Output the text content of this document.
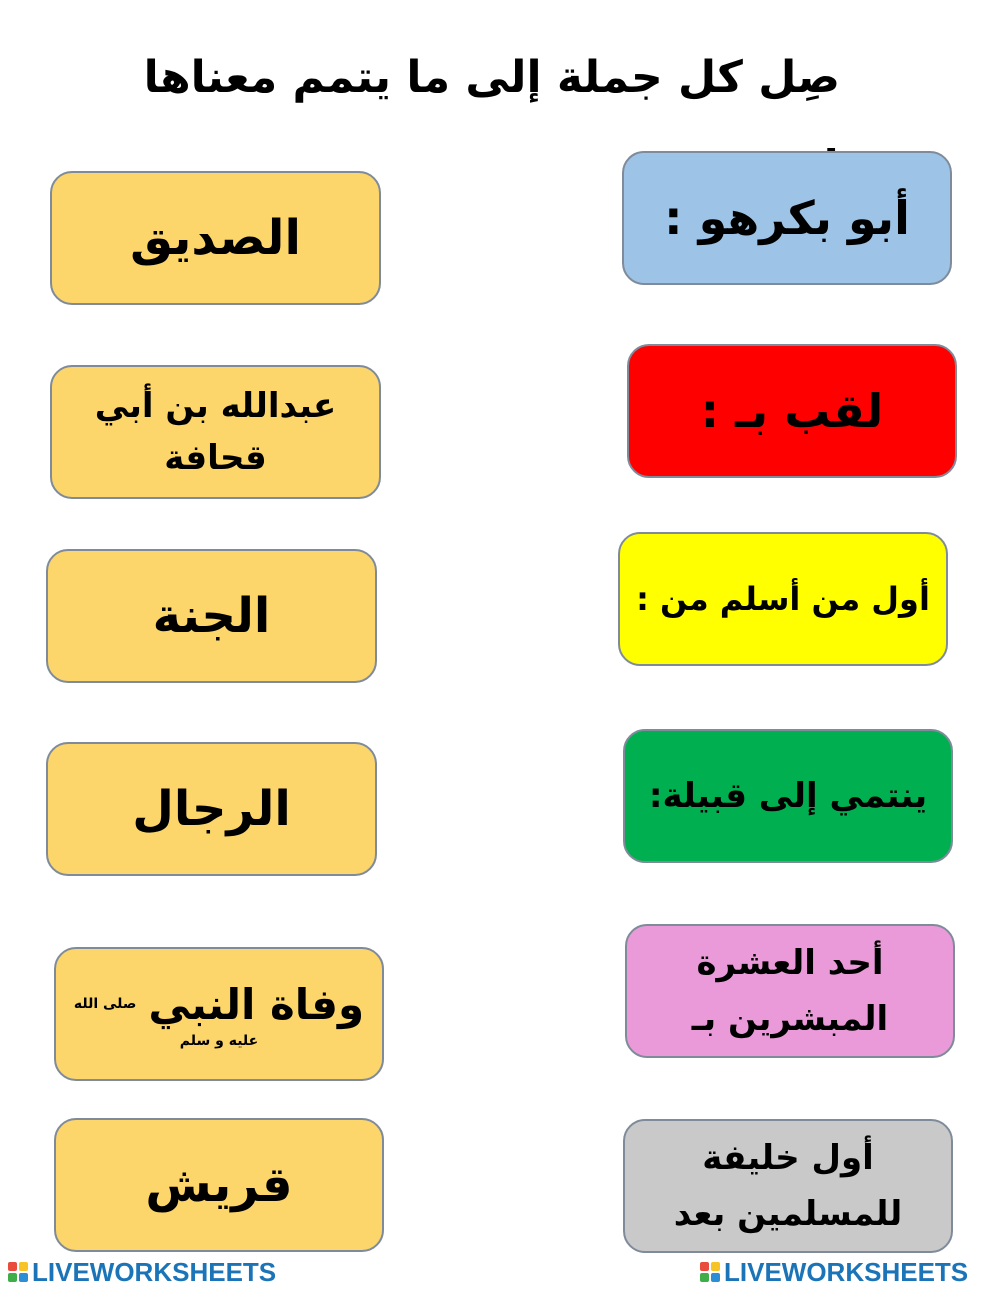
صِل كل جملة إلى ما يتمم معناها
أبو بكرهو :
لقب بـ :
أول من أسلم من :
ينتمي إلى قبيلة:
أحد العشرة
المبشرين بـ
أول خليفة
للمسلمين بعد
الصديق
عبدالله بن أبي
قحافة
الجنة
الرجال
وفاة النبي
صلى الله
عليه و سلم
قريش
LIVEWORKSHEETS	LIVEWORKSHEETS
